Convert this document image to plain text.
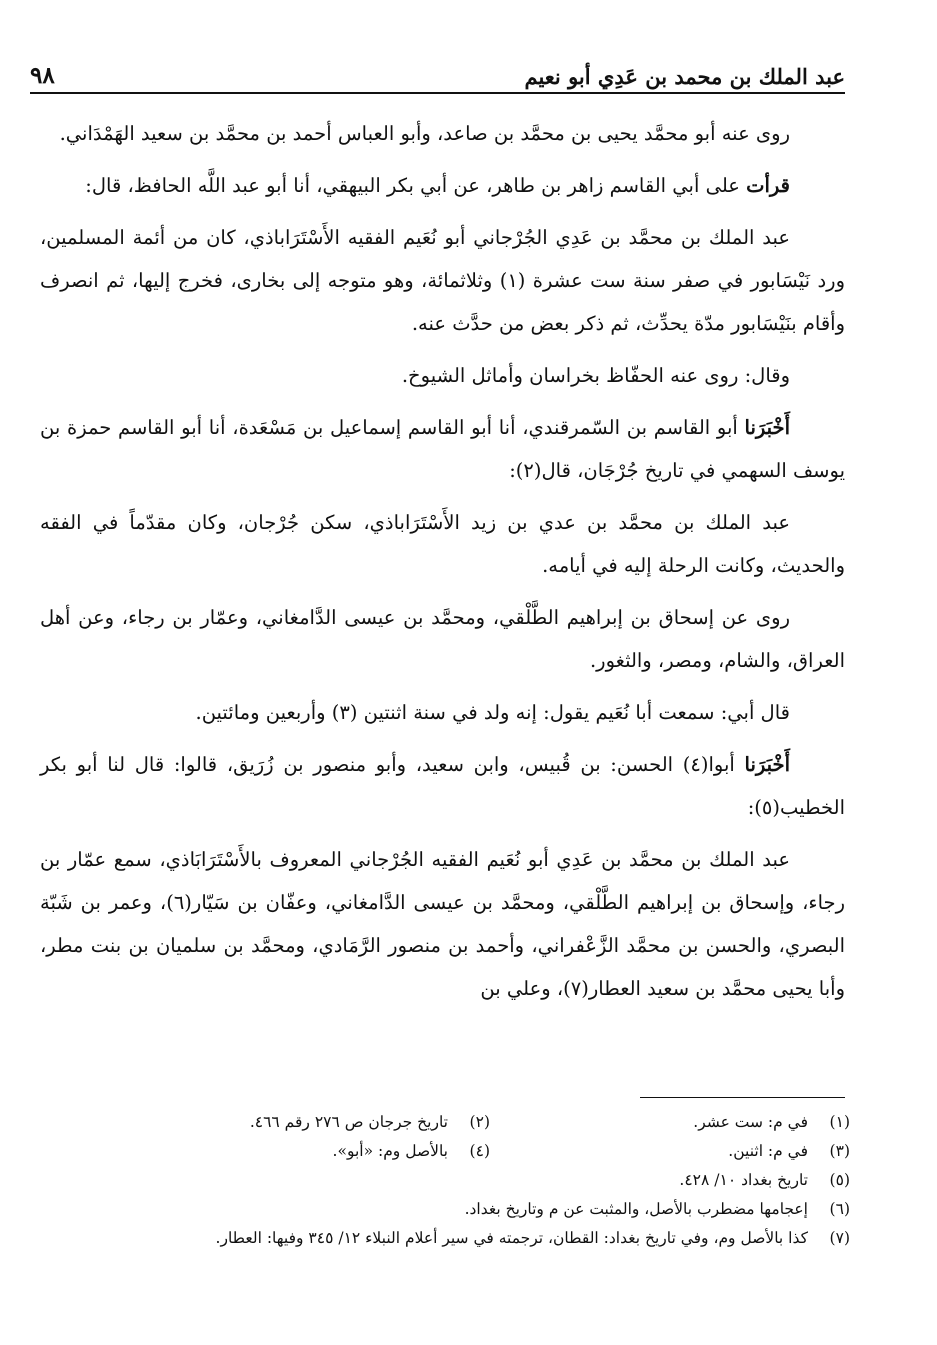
٩٨	عبد الملك بن محمد بن عَدِي أبو نعيم

روى عنه أبو محمَّد يحيى بن محمَّد بن صاعد، وأبو العباس أحمد بن محمَّد بن سعيد الهَمْدَاني.

قرأت على أبي القاسم زاهر بن طاهر، عن أبي بكر البيهقي، أنا أبو عبد اللَّه الحافظ، قال:

عبد الملك بن محمَّد بن عَدِي الجُرْجاني أبو نُعَيم الفقيه الأَسْتَرَاباذي، كان من أئمة المسلمين، ورد نَيْسَابور في صفر سنة ست عشرة (١) وثلاثمائة، وهو متوجه إلى بخارى، فخرج إليها، ثم انصرف وأقام بنَيْسَابور مدّة يحدِّث، ثم ذكر بعض من حدَّث عنه.

وقال: روى عنه الحفّاظ بخراسان وأماثل الشيوخ.

أَخْبَرَنا أبو القاسم بن السّمرقندي، أنا أبو القاسم إسماعيل بن مَسْعَدة، أنا أبو القاسم حمزة بن يوسف السهمي في تاريخ جُرْجَان، قال(٢):

عبد الملك بن محمَّد بن عدي بن زيد الأَسْتَرَاباذي، سكن جُرْجان، وكان مقدّماً في الفقه والحديث، وكانت الرحلة إليه في أيامه.

روى عن إسحاق بن إبراهيم الطَّلْقي، ومحمَّد بن عيسى الدَّامغاني، وعمّار بن رجاء، وعن أهل العراق، والشام، ومصر، والثغور.

قال أبي: سمعت أبا نُعَيم يقول: إنه ولد في سنة اثنتين (٣) وأربعين ومائتين.

أَخْبَرَنا أبوا(٤) الحسن: بن قُبيس، وابن سعيد، وأبو منصور بن زُرَيق، قالوا: قال لنا أبو بكر الخطيب(٥):

عبد الملك بن محمَّد بن عَدِي أبو نُعَيم الفقيه الجُرْجاني المعروف بالأَسْتَرَابَاذي، سمع عمّار بن رجاء، وإسحاق بن إبراهيم الطَّلْقي، ومحمَّد بن عيسى الدَّامغاني، وعفّان بن سَيّار(٦)، وعمر بن شَبّة البصري، والحسن بن محمَّد الزَّعْفراني، وأحمد بن منصور الرَّمَادي، ومحمَّد بن سلميان بن بنت مطر، وأبا يحيى محمَّد بن سعيد العطار(٧)، وعلي بن

(١)
في م: ست عشر.
(٢)
تاريخ جرجان ص ٢٧٦ رقم ٤٦٦.
(٣)
في م: اثنين.
(٤)
بالأصل وم: «أبو».
(٥)
تاريخ بغداد ١٠/ ٤٢٨.
(٦)
إعجامها مضطرب بالأصل، والمثبت عن م وتاريخ بغداد.
(٧)
كذا بالأصل وم، وفي تاريخ بغداد: القطان، ترجمته في سير أعلام النبلاء ١٢/ ٣٤٥ وفيها: العطار.
